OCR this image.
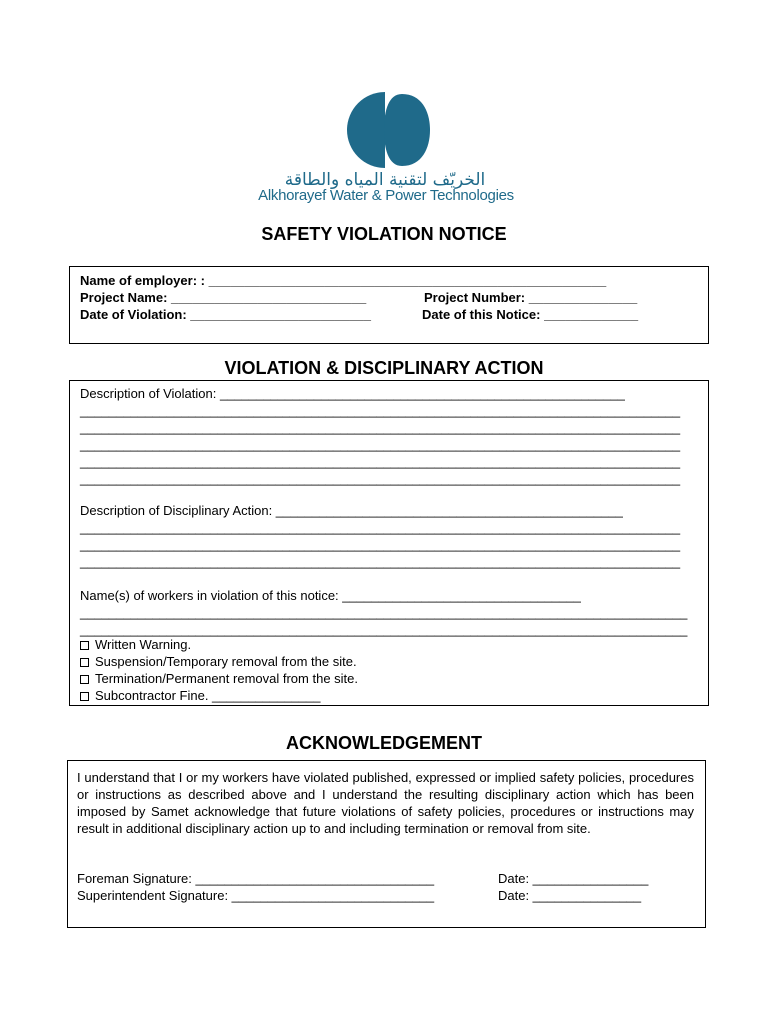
الخريّف لتقنية المياه والطاقة
Alkhorayef Water & Power Technologies
SAFETY VIOLATION NOTICE
Name of employer: : _______________________________________________________
Project Name: ___________________________	Project Number: _______________
Date of Violation: _________________________	Date of this Notice: _____________
VIOLATION & DISCIPLINARY ACTION
Description of Violation: ________________________________________________________
___________________________________________________________________________________
___________________________________________________________________________________
___________________________________________________________________________________
___________________________________________________________________________________
___________________________________________________________________________________
Description of Disciplinary Action: ________________________________________________
___________________________________________________________________________________
___________________________________________________________________________________
___________________________________________________________________________________
Name(s) of workers in violation of this notice: _________________________________
____________________________________________________________________________________
____________________________________________________________________________________
Written Warning.
Suspension/Temporary removal from the site.
Termination/Permanent removal from the site.
Subcontractor Fine. _______________
ACKNOWLEDGEMENT
I understand that I or my workers have violated published, expressed or implied safety policies, procedures or instructions as described above and I understand the resulting disciplinary action which has been imposed by Samet acknowledge that future violations of safety policies, procedures or instructions may result in additional disciplinary action up to and including termination or removal from site.
Foreman Signature: _________________________________	Date: ________________
Superintendent Signature: ____________________________	Date: _______________
